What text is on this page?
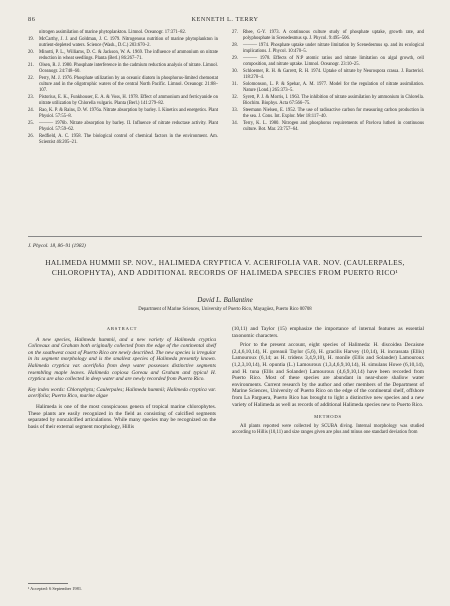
86	KENNETH L. TERRY
nitrogen assimilation of marine phytoplankton. Limnol. Oceanogr. 17:371–82.
19. McCarthy, J. J. and Goldman, J. C. 1979. Nitrogenous nutrition of marine phytoplankton in nutrient-depleted waters. Science (Wash., D.C.) 203:670–2.
20. Minotti, P. L., Williams, D. C. & Jackson, W. A. 1969. The influence of ammonium on nitrate reduction in wheat seedlings. Planta (Berl.) 86:267–71.
21. Olsen, R. J. 1980. Phosphate interference in the cadmium reduction analysis of nitrate. Limnol. Oceanogr. 24:748–60.
22. Perry, M. J. 1976. Phosphate utilization by an oceanic diatom in phosphorus-limited chemostat culture and in the oligotrophic waters of the central North Pacific. Limnol. Oceanogr. 21:88–107.
23. Pistorius, E. K., Funkhouser, E. A. & Voss, H. 1978. Effect of ammonium and ferricyanide on nitrate utilization by Chlorella vulgaris. Planta (Berl.) 141:279–82.
24. Rao, K. P. & Rains, D. W. 1976a. Nitrate absorption by barley. I. Kinetics and energetics. Plant Physiol. 57:55–8.
25. ——— 1976b. Nitrate absorption by barley. II. Influence of nitrate reductase activity. Plant Physiol. 57:59–62.
26. Redfield, A. C. 1958. The biological control of chemical factors in the environment. Am. Scientist 46:205–21.
27. Rhee, G-Y. 1973. A continuous culture study of phosphate uptake, growth rate, and polyphosphate in Scenedesmus sp. J. Phycol. 9:495–506.
28. ——— 1974. Phosphate uptake under nitrate limitation by Scenedesmus sp. and its ecological implications. J. Phycol. 10:470–5.
29. ——— 1978. Effects of N:P atomic ratios and nitrate limitation on algal growth, cell composition, and nitrate uptake. Limnol. Oceanogr. 23:10–25.
30. Schloemer, R. H. & Garrett, R. H. 1974. Uptake of nitrate by Neurospora crassa. J. Bacteriol. 118:270–4.
31. Solomonson, L. P. & Spehar, A. M. 1977. Model for the regulation of nitrate assimilation. Nature (Lond.) 265:373–5.
32. Syrett, P. J. & Morris, I. 1963. The inhibition of nitrate assimilation by ammonium in Chlorella. Biochim. Biophys. Acta 67:566–75.
33. Steemann Nielsen, E. 1952. The use of radioactive carbon for measuring carbon production in the sea. J. Cons. Int. Explor. Mer 18:117–40.
34. Terry, K. L. 1980. Nitrogen and phosphorus requirements of Pavlova lutheri in continuous culture. Bot. Mar. 23:757–64.
J. Phycol. 18, 86–91 (1982)
HALIMEDA HUMMII SP. NOV., HALIMEDA CRYPTICA V. ACERIFOLIA VAR. NOV. (CAULERPALES, CHLOROPHYTA), AND ADDITIONAL RECORDS OF HALIMEDA SPECIES FROM PUERTO RICO¹
David L. Ballantine
Department of Marine Sciences, University of Puerto Rico, Mayagüez, Puerto Rico 00708
ABSTRACT

A new species, Halimeda hummii, and a new variety of Halimeda cryptica Colinvaux and Graham both originally collected from the edge of the continental shelf on the southwest coast of Puerto Rico are newly described. The new species is irregular in its segment morphology and is the smallest species of Halimeda presently known. Halimeda cryptica var. acerifolia from deep water possesses distinctive segments resembling maple leaves. Halimeda copiosa Goreau and Graham and typical H. cryptica are also collected in deep water and are newly recorded from Puerto Rico.

Key index words: Chlorophyta; Caulerpales; Halimeda hummii; Halimeda cryptica var. acerifolia; Puerto Rico, marine algae

Halimeda is one of the most conspicuous genera of tropical marine chlorophytes. These plants are easily recognized in the field as consisting of calcified segments separated by noncalcified articulations. While many species may be recognized on the basis of their external segment morphology, Hillis

(10,11) and Taylor (15) emphasize the importance of internal features as essential taxonomic characters.

Prior to the present account, eight species of Halimeda: H. discoidea Decaisne (2,4,6,10,14), H. goreauii Taylor (5,6), H. gracilis Harvey (10,14), H. incrassata (Ellis) Lamouroux (6,14; as H. tridens 3,4,9,10), H. monile (Ellis and Solander) Lamouroux (1,2,3,10,14), H. opuntia (L.) Lamouroux (1,3,4,6,9,10,14), H. simulans Howe (6,10,14), and H. tuna (Ellis and Solander) Lamouroux (4,6,9,10,14) have been recorded from Puerto Rico. Most of these species are abundant in near-shore shallow water environments. Current research by the author and other members of the Department of Marine Sciences, University of Puerto Rico on the edge of the continental shelf, offshore from La Parguera, Puerto Rico has brought to light a distinctive new species and a new variety of Halimeda as well as records of additional Halimeda species new to Puerto Rico.

METHODS

All plants reported were collected by SCUBA diving. Internal morphology was studied according to Hillis (10,11) and size ranges given are plus and minus one standard deviation from

¹ Accepted: 6 September 1981.
